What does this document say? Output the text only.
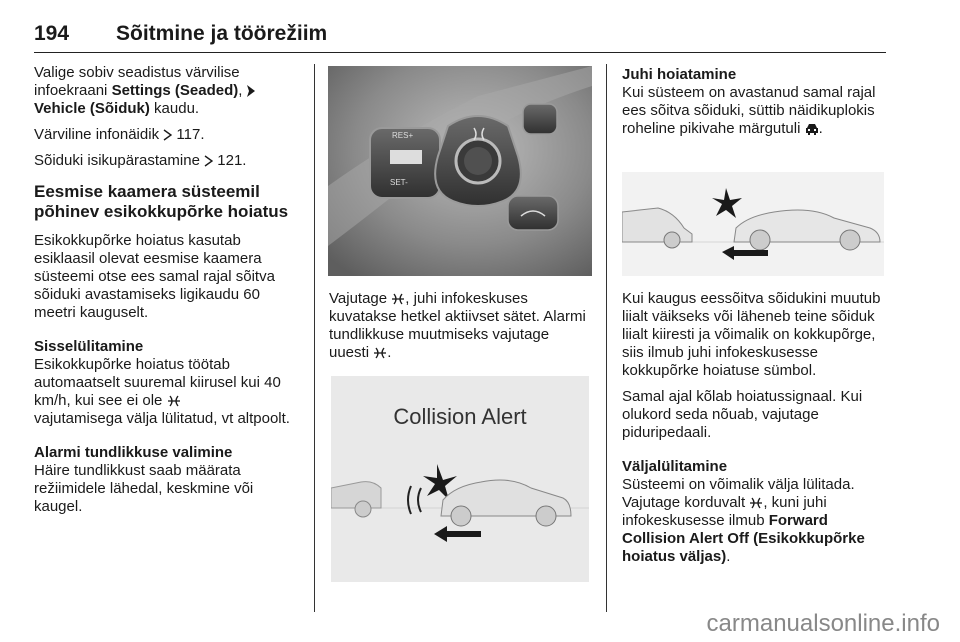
194 Sõitmine ja töörežiim

Valige sobiv seadistus värvilise infoekraani Settings (Seaded),
Vehicle (Sõiduk) kaudu.

Värviline infonäidik  117.

Sõiduki isikupärastamine  121.

Eesmise kaamera süsteemil põhinev esikokkupõrke hoiatus

Esikokkupõrke hoiatus kasutab esiklaasil olevat eesmise kaamera süsteemi otse ees samal rajal sõitva sõiduki avastamiseks ligikaudu 60 meetri kauguselt.

Sisselülitamine
Esikokkupõrke hoiatus töötab automaatselt suuremal kiirusel kui 40 km/h, kui see ei ole
vajutamisega välja lülitatud, vt altpoolt.

Alarmi tundlikkuse valimine
Häire tundlikkust saab määrata režiimidele lähedal, keskmine või kaugel.

RES+
SET-

Vajutage , juhi infokeskuses kuvatakse hetkel aktiivset sätet. Alarmi tundlikkuse muutmiseks vajutage uuesti .

Collision Alert

Juhi hoiatamine
Kui süsteem on avastanud samal rajal ees sõitva sõiduki, süttib näidikuplokis roheline pikivahe märgutuli .

Kui kaugus eessõitva sõidukini muutub liialt väikseks või läheneb teine sõiduk liialt kiiresti ja võimalik on kokkupõrge, siis ilmub juhi infokeskusesse kokkupõrke hoiatuse sümbol.

Samal ajal kõlab hoiatussignaal. Kui olukord seda nõuab, vajutage piduripedaali.

Väljalülitamine
Süsteemi on võimalik välja lülitada. Vajutage korduvalt , kuni juhi infokeskusesse ilmub Forward Collision Alert Off (Esikokkupõrke hoiatus väljas).

carmanualsonline.info
